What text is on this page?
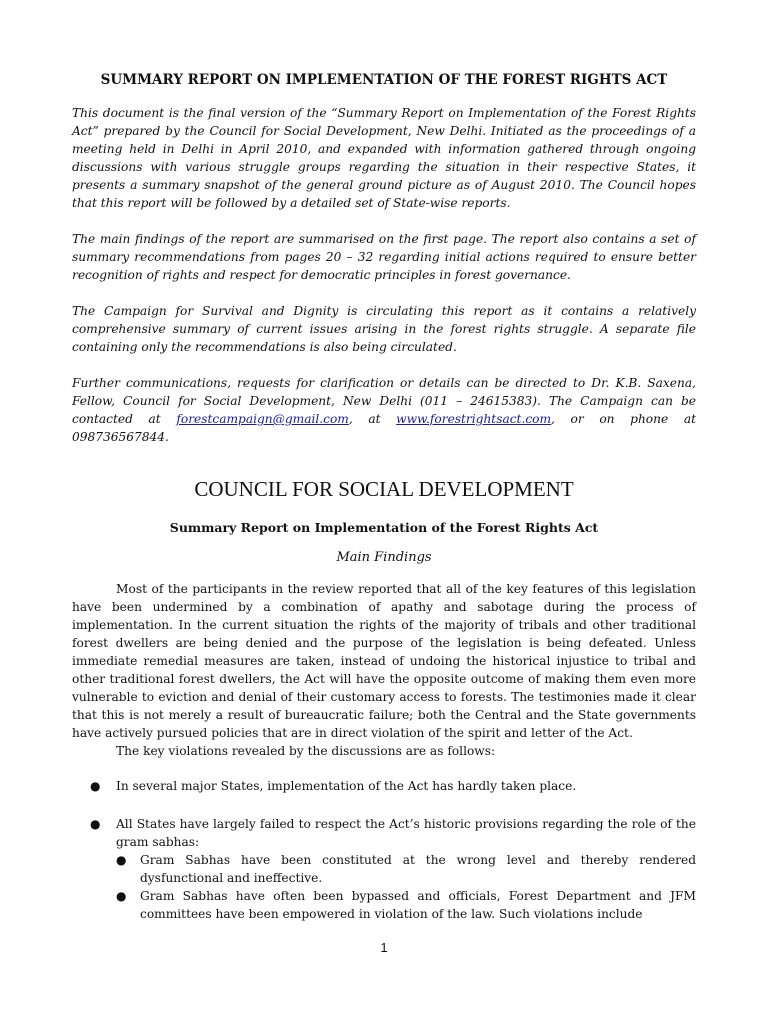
SUMMARY REPORT ON IMPLEMENTATION OF THE FOREST RIGHTS ACT

This document is the final version of the “Summary Report on Implementation of the Forest Rights Act” prepared by the Council for Social Development, New Delhi. Initiated as the proceedings of a meeting held in Delhi in April 2010, and expanded with information gathered through ongoing discussions with various struggle groups regarding the situation in their respective States, it presents a summary snapshot of the general ground picture as of August 2010. The Council hopes that this report will be followed by a detailed set of State-wise reports.

The main findings of the report are summarised on the first page. The report also contains a set of summary recommendations from pages 20 – 32 regarding initial actions required to ensure better recognition of rights and respect for democratic principles in forest governance.

The Campaign for Survival and Dignity is circulating this report as it contains a relatively comprehensive summary of current issues arising in the forest rights struggle. A separate file containing only the recommendations is also being circulated.

Further communications, requests for clarification or details can be directed to Dr. K.B. Saxena, Fellow, Council for Social Development, New Delhi (011 – 24615383). The Campaign can be contacted at forestcampaign@gmail.com, at www.forestrightsact.com, or on phone at 098736567844.

COUNCIL FOR SOCIAL DEVELOPMENT
Summary Report on Implementation of the Forest Rights Act
Main Findings

Most of the participants in the review reported that all of the key features of this legislation have been undermined by a combination of apathy and sabotage during the process of implementation. In the current situation the rights of the majority of tribals and other traditional forest dwellers are being denied and the purpose of the legislation is being defeated. Unless immediate remedial measures are taken, instead of undoing the historical injustice to tribal and other traditional forest dwellers, the Act will have the opposite outcome of making them even more vulnerable to eviction and denial of their customary access to forests. The testimonies made it clear that this is not merely a result of bureaucratic failure; both the Central and the State governments have actively pursued policies that are in direct violation of the spirit and letter of the Act.

The key violations revealed by the discussions are as follows:

● In several major States, implementation of the Act has hardly taken place.
● All States have largely failed to respect the Act’s historic provisions regarding the role of the gram sabhas:
● Gram Sabhas have been constituted at the wrong level and thereby rendered dysfunctional and ineffective.
● Gram Sabhas have often been bypassed and officials, Forest Department and JFM committees have been empowered in violation of the law. Such violations include
1
